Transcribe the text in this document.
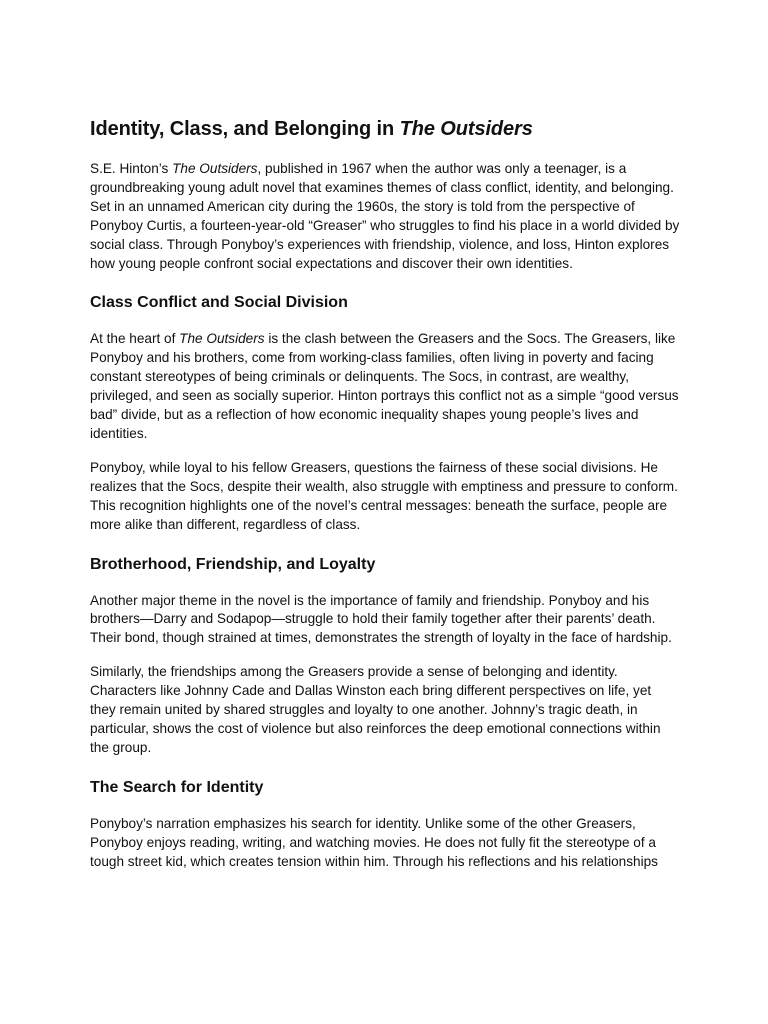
Identity, Class, and Belonging in The Outsiders

S.E. Hinton’s The Outsiders, published in 1967 when the author was only a teenager, is a groundbreaking young adult novel that examines themes of class conflict, identity, and belonging. Set in an unnamed American city during the 1960s, the story is told from the perspective of Ponyboy Curtis, a fourteen-year-old “Greaser” who struggles to find his place in a world divided by social class. Through Ponyboy’s experiences with friendship, violence, and loss, Hinton explores how young people confront social expectations and discover their own identities.

Class Conflict and Social Division

At the heart of The Outsiders is the clash between the Greasers and the Socs. The Greasers, like Ponyboy and his brothers, come from working-class families, often living in poverty and facing constant stereotypes of being criminals or delinquents. The Socs, in contrast, are wealthy, privileged, and seen as socially superior. Hinton portrays this conflict not as a simple “good versus bad” divide, but as a reflection of how economic inequality shapes young people’s lives and identities.

Ponyboy, while loyal to his fellow Greasers, questions the fairness of these social divisions. He realizes that the Socs, despite their wealth, also struggle with emptiness and pressure to conform. This recognition highlights one of the novel’s central messages: beneath the surface, people are more alike than different, regardless of class.

Brotherhood, Friendship, and Loyalty

Another major theme in the novel is the importance of family and friendship. Ponyboy and his brothers—Darry and Sodapop—struggle to hold their family together after their parents’ death. Their bond, though strained at times, demonstrates the strength of loyalty in the face of hardship.

Similarly, the friendships among the Greasers provide a sense of belonging and identity. Characters like Johnny Cade and Dallas Winston each bring different perspectives on life, yet they remain united by shared struggles and loyalty to one another. Johnny’s tragic death, in particular, shows the cost of violence but also reinforces the deep emotional connections within the group.

The Search for Identity

Ponyboy’s narration emphasizes his search for identity. Unlike some of the other Greasers, Ponyboy enjoys reading, writing, and watching movies. He does not fully fit the stereotype of a tough street kid, which creates tension within him. Through his reflections and his relationships
